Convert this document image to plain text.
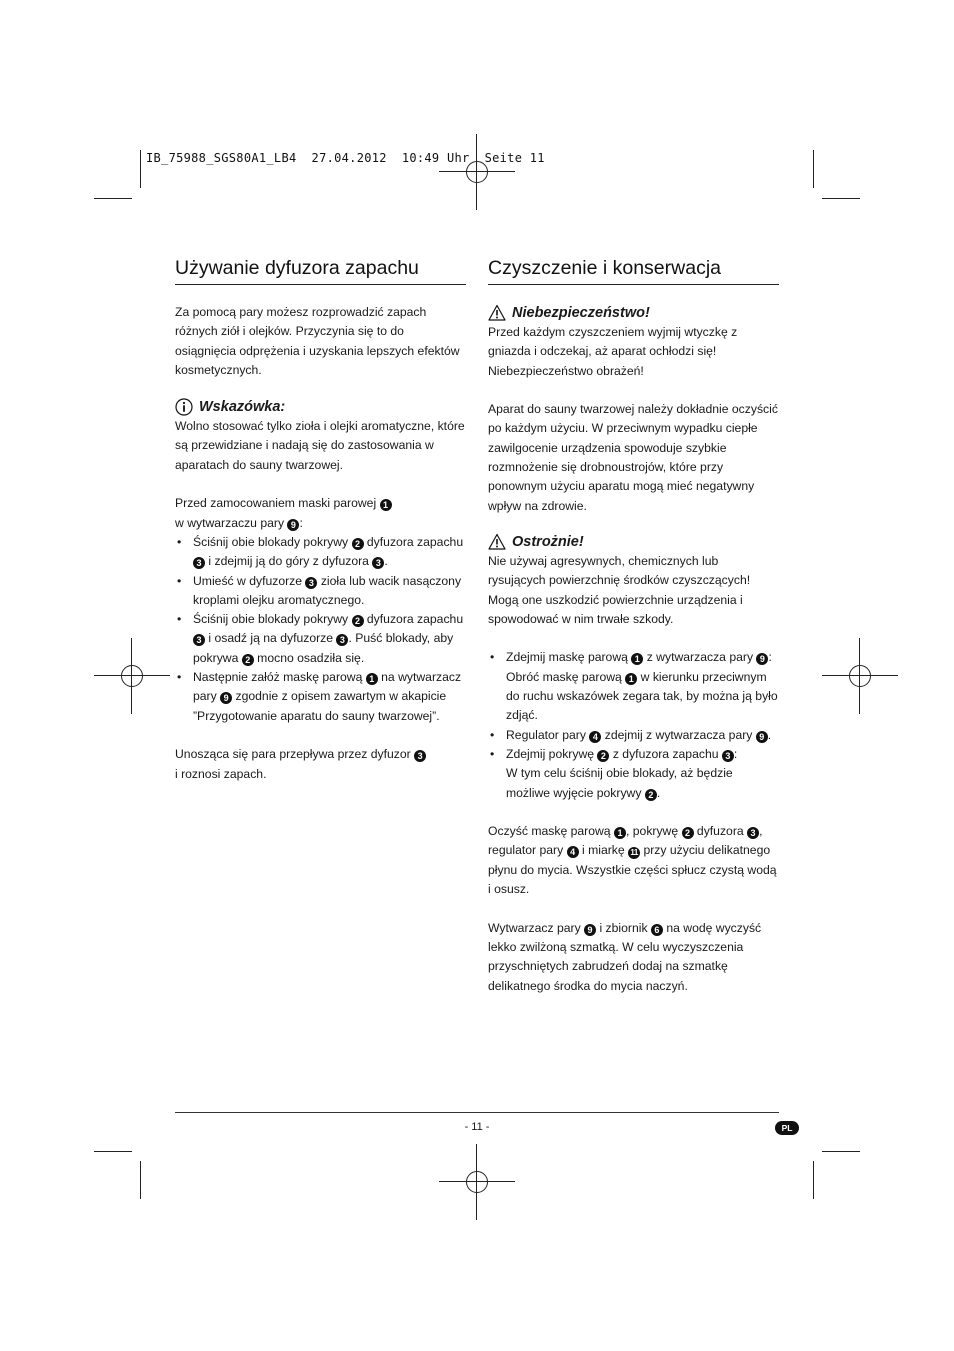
IB_75988_SGS80A1_LB4  27.04.2012  10:49 Uhr  Seite 11
Używanie dyfuzora zapachu

Za pomocą pary możesz rozprowadzić zapach różnych ziół i olejków. Przyczynia się to do osiągnięcia odprężenia i uzyskania lepszych efektów kosmetycznych.

Wskazówka:

Wolno stosować tylko zioła i olejki aromatyczne, które są przewidziane i nadają się do zastosowania w aparatach do sauny twarzowej.

Przed zamocowaniem maski parowej 1
w wytwarzaczu pary 9 :

• Ściśnij obie blokady pokrywy 2 dyfuzora zapachu 3 i zdejmij ją do góry z dyfuzora 3 .
• Umieść w dyfuzorze 3 zioła lub wacik nasączony kroplami olejku aromatycznego.
• Ściśnij obie blokady pokrywy 2 dyfuzora zapachu 3 i osadź ją na dyfuzorze 3 . Puść blokady, aby pokrywa 2 mocno osadziła się.
• Następnie załóż maskę parową 1 na wytwarzacz pary 9 zgodnie z opisem zawartym w akapicie ”Przygotowanie aparatu do sauny twarzowej”.

Unosząca się para przepływa przez dyfuzor 3
i roznosi zapach.

Czyszczenie i konserwacja
Niebezpieczeństwo!

Przed każdym czyszczeniem wyjmij wtyczkę z gniazda i odczekaj, aż aparat ochłodzi się! Niebezpieczeństwo obrażeń!

Aparat do sauny twarzowej należy dokładnie oczyścić po każdym użyciu. W przeciwnym wypadku ciepłe zawilgocenie urządzenia spowoduje szybkie rozmnożenie się drobnoustrojów, które przy ponownym użyciu aparatu mogą mieć negatywny wpływ na zdrowie.

Ostrożnie!

Nie używaj agresywnych, chemicznych lub rysujących powierzchnię środków czyszczących! Mogą one uszkodzić powierzchnie urządzenia i spowodować w nim trwałe szkody.

• Zdejmij maskę parową 1 z wytwarzacza pary 9 :
Obróć maskę parową 1 w kierunku przeciwnym do ruchu wskazówek zegara tak, by można ją było zdjąć.
• Regulator pary 4 zdejmij z wytwarzacza pary 9 .
• Zdejmij pokrywę 2 z dyfuzora zapachu 3 :
W tym celu ściśnij obie blokady, aż będzie możliwe wyjęcie pokrywy 2 .

Oczyść maskę parową 1 , pokrywę 2 dyfuzora 3 , regulator pary 4 i miarkę 11 przy użyciu delikatnego płynu do mycia. Wszystkie części spłucz czystą wodą i osusz.

Wytwarzacz pary 9 i zbiornik 6 na wodę wyczyść lekko zwilżoną szmatką. W celu wyczyszczenia przyschniętych zabrudzeń dodaj na szmatkę delikatnego środka do mycia naczyń.

- 11 -	PL
